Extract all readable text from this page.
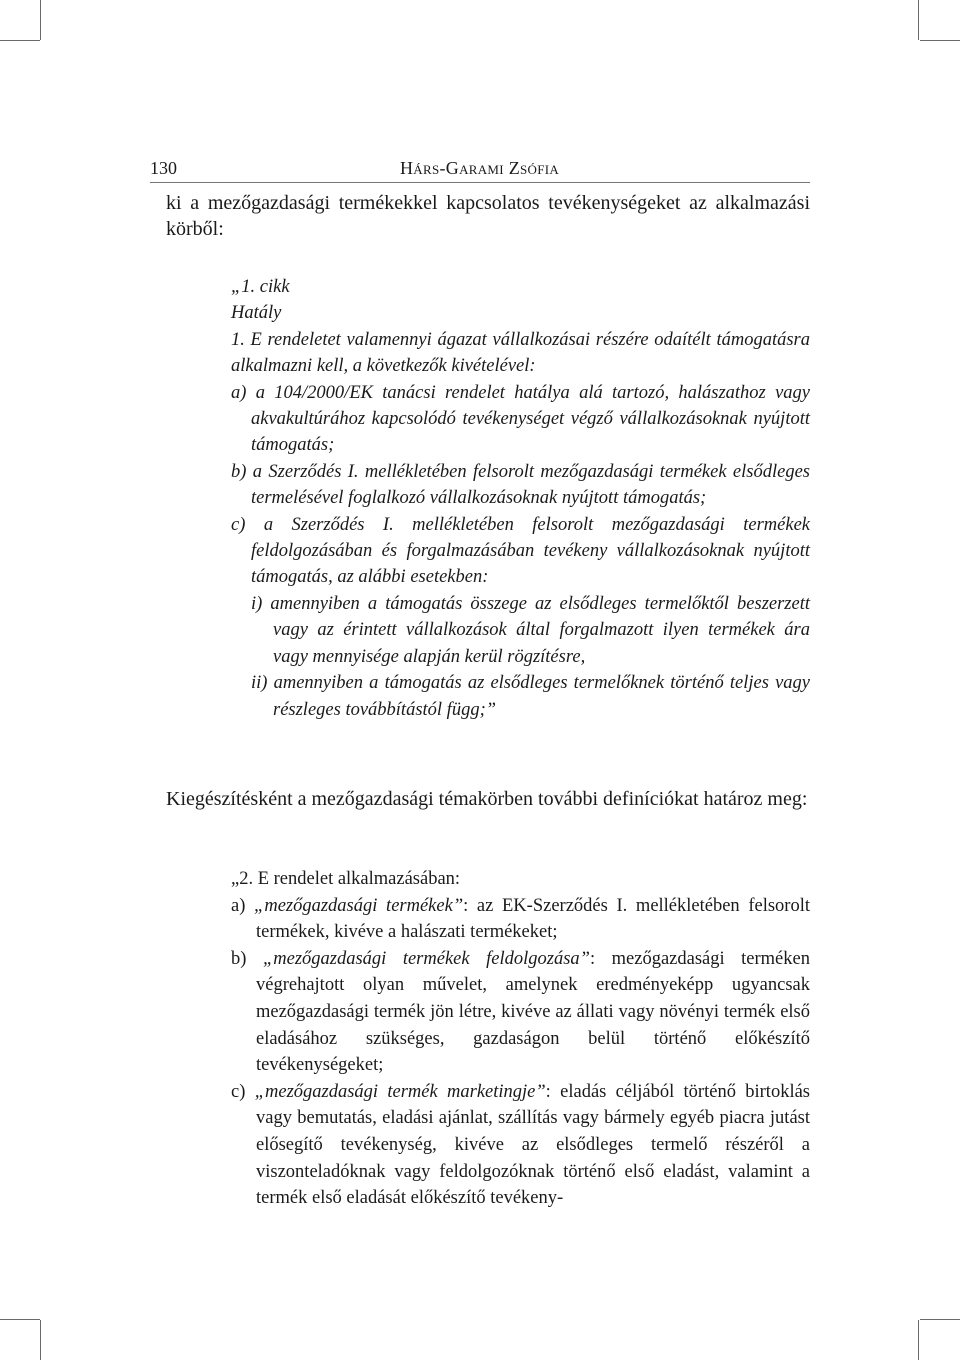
130	Hárs-Garami Zsófia

ki a mezőgazdasági termékekkel kapcsolatos tevékenységeket az alkalmazási körből:

„1. cikk
Hatály
1. E rendeletet valamennyi ágazat vállalkozásai részére odaítélt támogatásra alkalmazni kell, a következők kivételével:
a) a 104/2000/EK tanácsi rendelet hatálya alá tartozó, halászathoz vagy akvakultúrához kapcsolódó tevékenységet végző vállalkozásoknak nyújtott támogatás;
b) a Szerződés I. mellékletében felsorolt mezőgazdasági termékek elsődleges termelésével foglalkozó vállalkozásoknak nyújtott támogatás;
c) a Szerződés I. mellékletében felsorolt mezőgazdasági termékek feldolgozásában és forgalmazásában tevékeny vállalkozásoknak nyújtott támogatás, az alábbi esetekben:
i) amennyiben a támogatás összege az elsődleges termelőktől beszerzett vagy az érintett vállalkozások által forgalmazott ilyen termékek ára vagy mennyisége alapján kerül rögzítésre,
ii) amennyiben a támogatás az elsődleges termelőknek történő teljes vagy részleges továbbítástól függ;”

Kiegészítésként a mezőgazdasági témakörben további definíciókat határoz meg:

„2. E rendelet alkalmazásában:
a) „mezőgazdasági termékek”: az EK-Szerződés I. mellékletében felsorolt termékek, kivéve a halászati termékeket;
b) „mezőgazdasági termékek feldolgozása”: mezőgazdasági terméken végrehajtott olyan művelet, amelynek eredményeképp ugyancsak mezőgazdasági termék jön létre, kivéve az állati vagy növényi termék első eladásához szükséges, gazdaságon belül történő előkészítő tevékenységeket;
c) „mezőgazdasági termék marketingje”: eladás céljából történő birtoklás vagy bemutatás, eladási ajánlat, szállítás vagy bármely egyéb piacra jutást elősegítő tevékenység, kivéve az elsődleges termelő részéről a viszonteladóknak vagy feldolgozóknak történő első eladást, valamint a termék első eladását előkészítő tevékeny-
